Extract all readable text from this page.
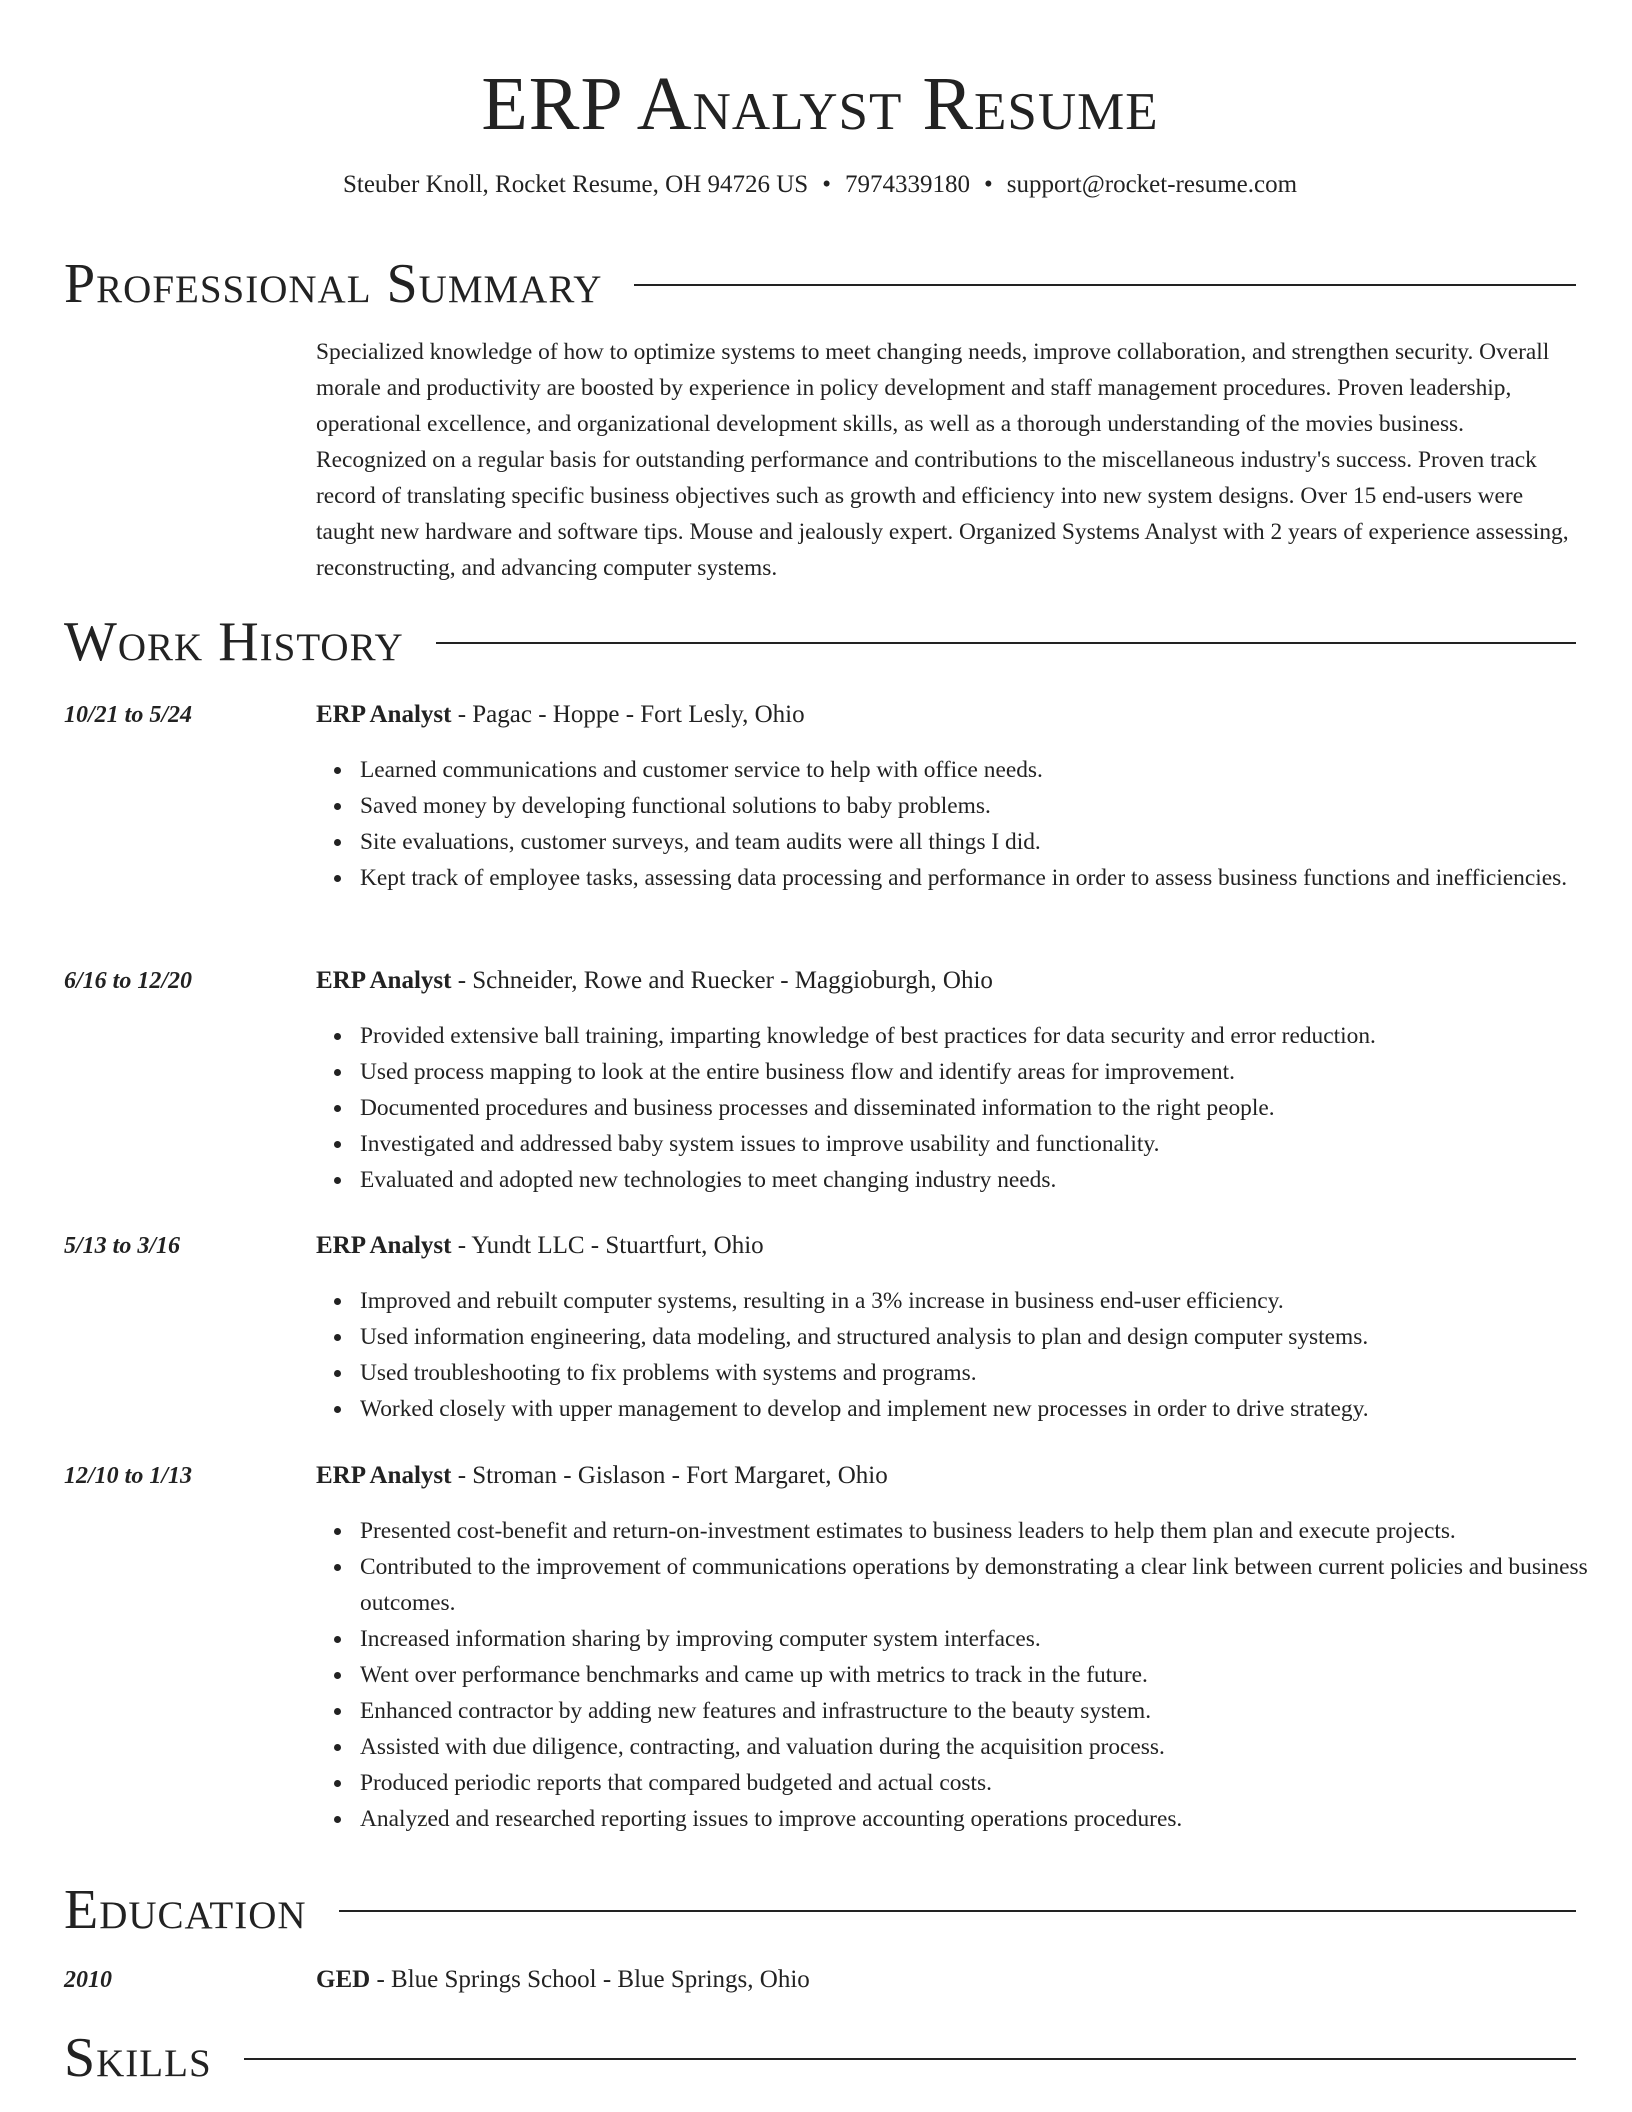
ERP Analyst Resume
Steuber Knoll, Rocket Resume, OH 94726 US • 7974339180 • support@rocket-resume.com
Professional Summary

Specialized knowledge of how to optimize systems to meet changing needs, improve collaboration, and strengthen security. Overall morale and productivity are boosted by experience in policy development and staff management procedures. Proven leadership, operational excellence, and organizational development skills, as well as a thorough understanding of the movies business. Recognized on a regular basis for outstanding performance and contributions to the miscellaneous industry's success. Proven track record of translating specific business objectives such as growth and efficiency into new system designs. Over 15 end-users were taught new hardware and software tips. Mouse and jealously expert. Organized Systems Analyst with 2 years of experience assessing, reconstructing, and advancing computer systems.

Work History
10/21 to 5/24	ERP Analyst - Pagac - Hoppe - Fort Lesly, Ohio
Learned communications and customer service to help with office needs.
Saved money by developing functional solutions to baby problems.
Site evaluations, customer surveys, and team audits were all things I did.
Kept track of employee tasks, assessing data processing and performance in order to assess business functions and inefficiencies.
6/16 to 12/20	ERP Analyst - Schneider, Rowe and Ruecker - Maggioburgh, Ohio
Provided extensive ball training, imparting knowledge of best practices for data security and error reduction.
Used process mapping to look at the entire business flow and identify areas for improvement.
Documented procedures and business processes and disseminated information to the right people.
Investigated and addressed baby system issues to improve usability and functionality.
Evaluated and adopted new technologies to meet changing industry needs.
5/13 to 3/16	ERP Analyst - Yundt LLC - Stuartfurt, Ohio
Improved and rebuilt computer systems, resulting in a 3% increase in business end-user efficiency.
Used information engineering, data modeling, and structured analysis to plan and design computer systems.
Used troubleshooting to fix problems with systems and programs.
Worked closely with upper management to develop and implement new processes in order to drive strategy.
12/10 to 1/13	ERP Analyst - Stroman - Gislason - Fort Margaret, Ohio
Presented cost-benefit and return-on-investment estimates to business leaders to help them plan and execute projects.
Contributed to the improvement of communications operations by demonstrating a clear link between current policies and business outcomes.
Increased information sharing by improving computer system interfaces.
Went over performance benchmarks and came up with metrics to track in the future.
Enhanced contractor by adding new features and infrastructure to the beauty system.
Assisted with due diligence, contracting, and valuation during the acquisition process.
Produced periodic reports that compared budgeted and actual costs.
Analyzed and researched reporting issues to improve accounting operations procedures.
Education
2010	GED - Blue Springs School - Blue Springs, Ohio
Skills
